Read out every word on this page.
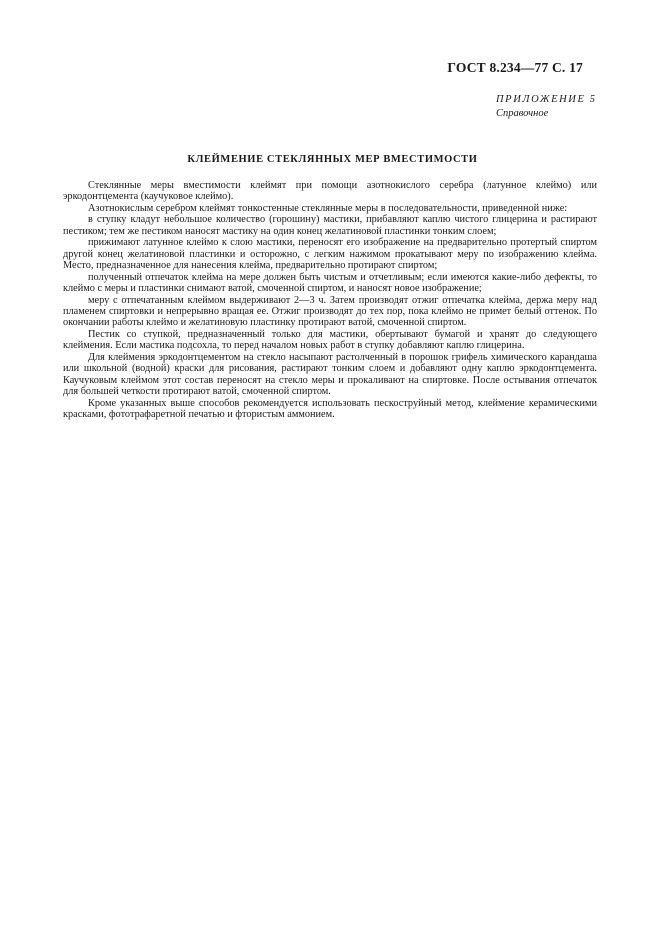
ГОСТ 8.234—77 С. 17
ПРИЛОЖЕНИЕ 5
Справочное
КЛЕЙМЕНИЕ СТЕКЛЯННЫХ МЕР ВМЕСТИМОСТИ

Стеклянные меры вместимости клеймят при помощи азотнокислого серебра (латунное клеймо) или эркодонтцемента (каучуковое клеймо).

Азотнокислым серебром клеймят тонкостенные стеклянные меры в последовательности, приведенной ниже:

в ступку кладут небольшое количество (горошину) мастики, прибавляют каплю чистого глицерина и растирают пестиком; тем же пестиком наносят мастику на один конец желатиновой пластинки тонким слоем;

прижимают латунное клеймо к слою мастики, переносят его изображение на предварительно протертый спиртом другой конец желатиновой пластинки и осторожно, с легким нажимом прокатывают меру по изображению клейма. Место, предназначенное для нанесения клейма, предварительно протирают спиртом;

полученный отпечаток клейма на мере должен быть чистым и отчетливым; если имеются какие-либо дефекты, то клеймо с меры и пластинки снимают ватой, смоченной спиртом, и наносят новое изображение;

меру с отпечатанным клеймом выдерживают 2—3 ч. Затем производят отжиг отпечатка клейма, держа меру над пламенем спиртовки и непрерывно вращая ее. Отжиг производят до тех пор, пока клеймо не примет белый оттенок. По окончании работы клеймо и желатиновую пластинку протирают ватой, смоченной спиртом.

Пестик со ступкой, предназначенный только для мастики, обертывают бумагой и хранят до следующего клеймения. Если мастика подсохла, то перед началом новых работ в ступку добавляют каплю глицерина.

Для клеймения эркодонтцементом на стекло насыпают растолченный в порошок грифель химического карандаша или школьной (водной) краски для рисования, растирают тонким слоем и добавляют одну каплю эркодонтцемента. Каучуковым клеймом этот состав переносят на стекло меры и прокаливают на спиртовке. После остывания отпечаток для большей четкости протирают ватой, смоченной спиртом.

Кроме указанных выше способов рекомендуется использовать пескоструйный метод, клеймение керамическими красками, фототрафаретной печатью и фтористым аммонием.
